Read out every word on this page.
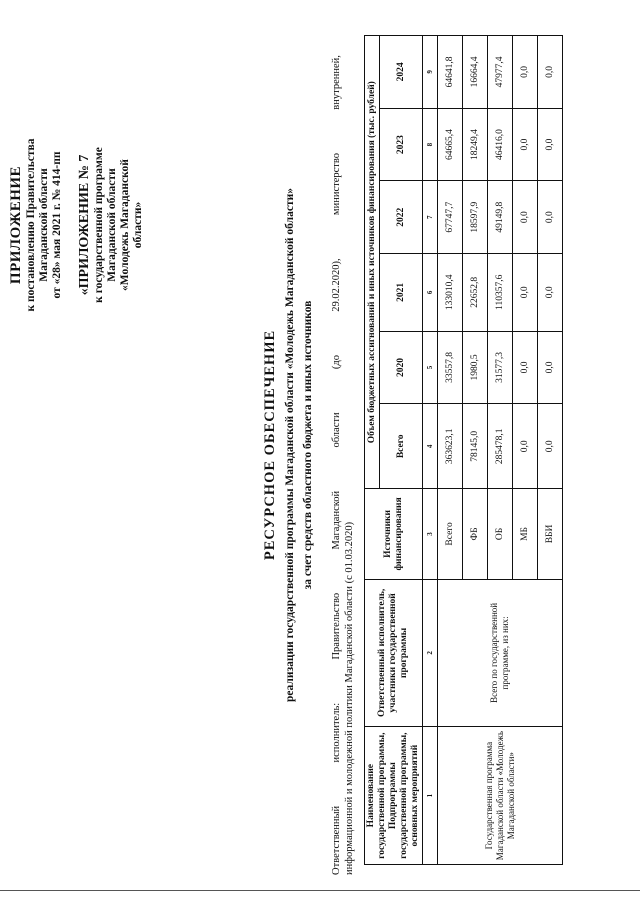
ПРИЛОЖЕНИЕ к постановлению Правительства Магаданской области от «28» мая 2021 г. № 414-пп «ПРИЛОЖЕНИЕ № 7 к государственной программе Магаданской области «Молодежь Магаданской области»
РЕСУРСНОЕ ОБЕСПЕЧЕНИЕ реализации государственной программы Магаданской области «Молодежь Магаданской области» за счет средств областного бюджета и иных источников
Ответственный
исполнитель:
Правительство
Магаданской
области
(до
29.02.2020),
министерство
внутренней,
информационной и молодежной политики Магаданской области (с 01.03.2020) Наименование государственной программы, Подпрограммы государственной программы, основных мероприятий	Ответственный исполнитель, участники государственной программы	Источники финансирования	Объем бюджетных ассигнований и иных источников финансирования (тыс. рублей)					
			Всего	2020	2021	2022	2023	2024
1	2	3	4	5	6	7	8	9
Государственная программа Магаданской области «Молодежь Магаданской области»	Всего по государственной программе, из них:	Всего	363623,1	33557,8	133010,4	67747,7	64665,4	64641,8
		ФБ	78145,0	1980,5	22652,8	18597,9	18249,4	16664,4
		ОБ	285478,1	31577,3	110357,6	49149,8	46416,0	47977,4
		МБ	0,0	0,0	0,0	0,0	0,0	0,0
		ВБИ	0,0	0,0	0,0	0,0	0,0	0,0
